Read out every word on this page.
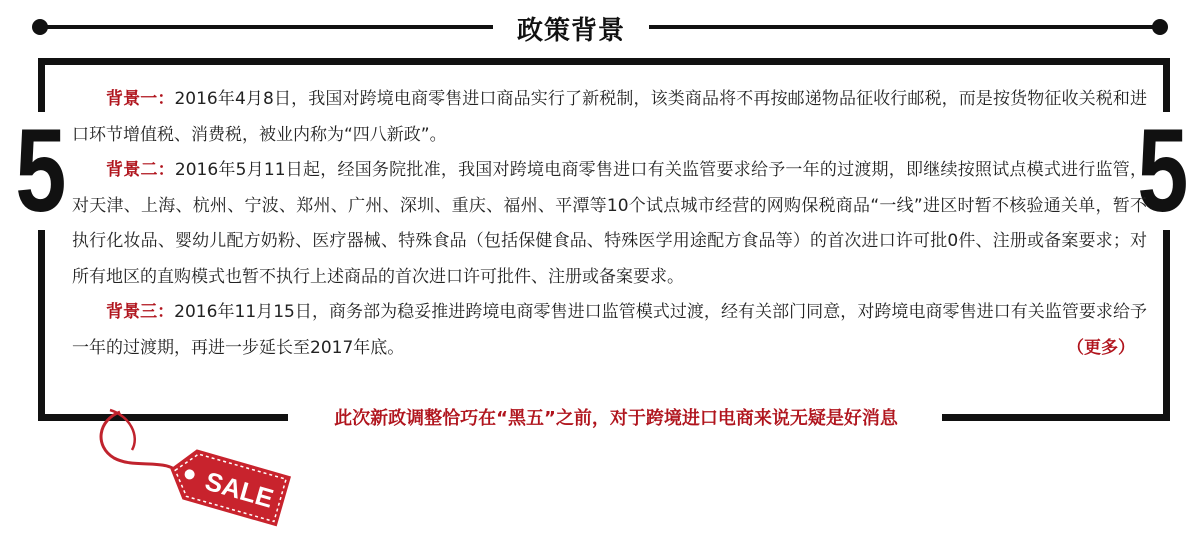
政策背景
5	5

背景一：2016年4月8日，我国对跨境电商零售进口商品实行了新税制，该类商品将不再按邮递物品征收行邮税，而是按货物征收关税和进口环节增值税、消费税，被业内称为“四八新政”。

背景二：2016年5月11日起，经国务院批准，我国对跨境电商零售进口有关监管要求给予一年的过渡期，即继续按照试点模式进行监管，对天津、上海、杭州、宁波、郑州、广州、深圳、重庆、福州、平潭等10个试点城市经营的网购保税商品“一线”进区时暂不核验通关单，暂不执行化妆品、婴幼儿配方奶粉、医疗器械、特殊食品（包括保健食品、特殊医学用途配方食品等）的首次进口许可批0件、注册或备案要求；对所有地区的直购模式也暂不执行上述商品的首次进口许可批件、注册或备案要求。

背景三：2016年11月15日，商务部为稳妥推进跨境电商零售进口监管模式过渡，经有关部门同意，对跨境电商零售进口有关监管要求给予一年的过渡期，再进一步延长至2017年底。	（更多）
此次新政调整恰巧在“黑五”之前，对于跨境进口电商来说无疑是好消息
SALE
